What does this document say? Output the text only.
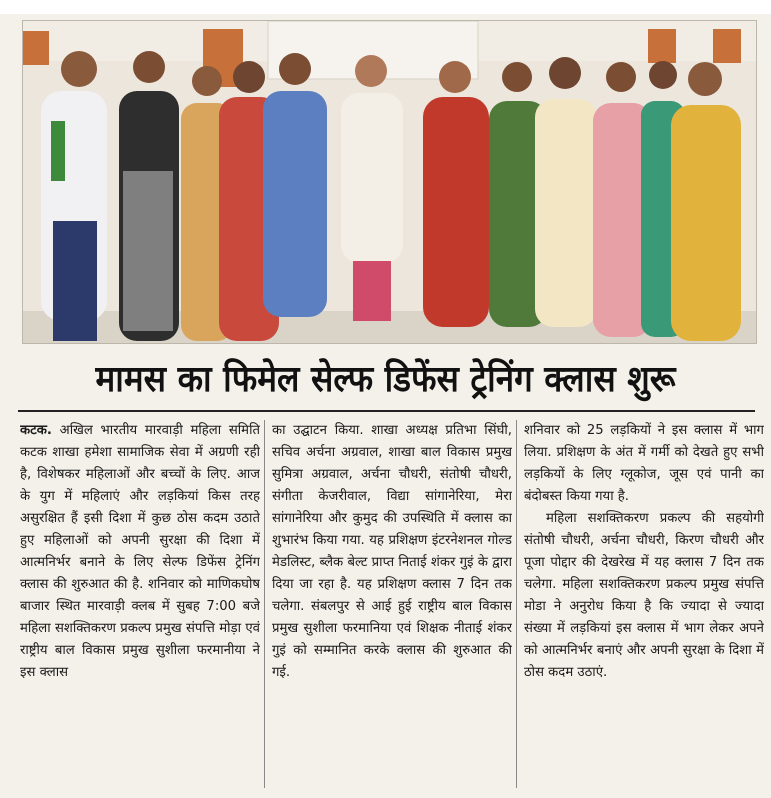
मामस का फिमेल सेल्फ डिफेंस ट्रेनिंग क्लास शुरू

कटक. अखिल भारतीय मारवाड़ी महिला समिति कटक शाखा हमेशा सामाजिक सेवा में अग्रणी रही है, विशेषकर महिलाओं और बच्चों के लिए. आज के युग में महिलाएं और लड़कियां किस तरह असुरक्षित हैं इसी दिशा में कुछ ठोस कदम उठाते हुए महिलाओं को अपनी सुरक्षा की दिशा में आत्मनिर्भर बनाने के लिए सेल्फ डिफेंस ट्रेनिंग क्लास की शुरुआत की है. शनिवार को माणिकघोष बाजार स्थित मारवाड़ी क्लब में सुबह 7:00 बजे महिला सशक्तिकरण प्रकल्प प्रमुख संपत्ति मोड़ा एवं राष्ट्रीय बाल विकास प्रमुख सुशीला फरमानीया ने इस क्लास

का उद्घाटन किया. शाखा अध्यक्ष प्रतिभा सिंघी, सचिव अर्चना अग्रवाल, शाखा बाल विकास प्रमुख सुमित्रा अग्रवाल, अर्चना चौधरी, संतोषी चौधरी, संगीता केजरीवाल, विद्या सांगानेरिया, मेरा सांगानेरिया और कुमुद की उपस्थिति में क्लास का शुभारंभ किया गया. यह प्रशिक्षण इंटरनेशनल गोल्ड मेडलिस्ट, ब्लैक बेल्ट प्राप्त निताई शंकर गुइं के द्वारा दिया जा रहा है. यह प्रशिक्षण क्लास 7 दिन तक चलेगा. संबलपुर से आई हुई राष्ट्रीय बाल विकास प्रमुख सुशीला फरमानिया एवं शिक्षक नीताई शंकर गुइं को सम्मानित करके क्लास की शुरुआत की गई.

शनिवार को 25 लड़कियों ने इस क्लास में भाग लिया. प्रशिक्षण के अंत में गर्मी को देखते हुए सभी लड़कियों के लिए ग्लूकोज, जूस एवं पानी का बंदोबस्त किया गया है.

महिला सशक्तिकरण प्रकल्प की सहयोगी संतोषी चौधरी, अर्चना चौधरी, किरण चौधरी और पूजा पोद्दार की देखरेख में यह क्लास 7 दिन तक चलेगा. महिला सशक्तिकरण प्रकल्प प्रमुख संपत्ति मोडा ने अनुरोध किया है कि ज्यादा से ज्यादा संख्या में लड़कियां इस क्लास में भाग लेकर अपने को आत्मनिर्भर बनाएं और अपनी सुरक्षा के दिशा में ठोस कदम उठाएं.
